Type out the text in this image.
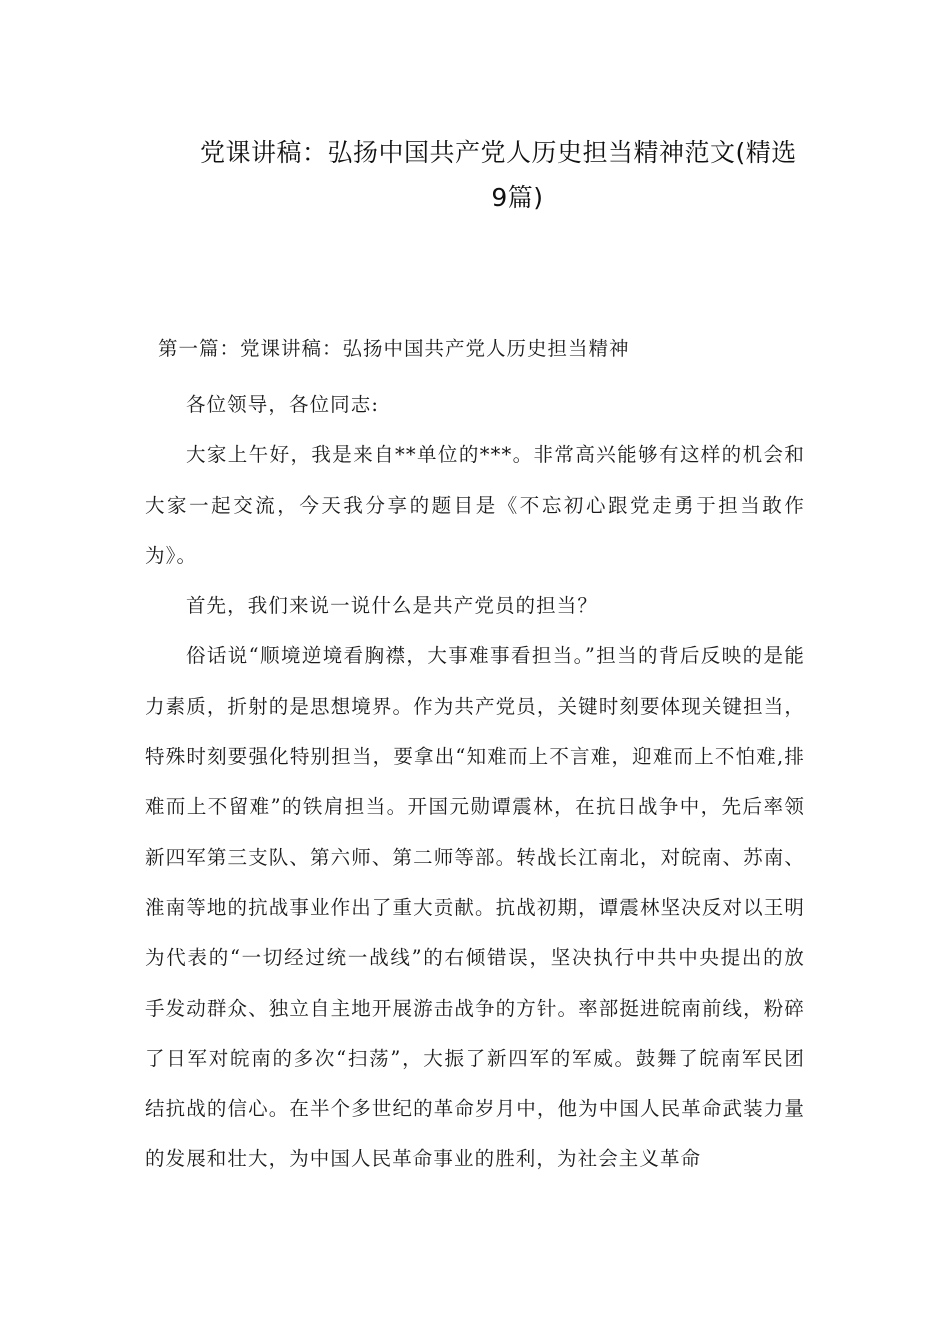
党课讲稿：弘扬中国共产党人历史担当精神范文(精选
9篇)
第一篇：党课讲稿：弘扬中国共产党人历史担当精神

各位领导，各位同志:

大家上午好，我是来自**单位的***。非常高兴能够有这样的机会和大家一起交流，今天我分享的题目是《不忘初心跟党走勇于担当敢作为》。

首先，我们来说一说什么是共产党员的担当？

俗话说“顺境逆境看胸襟，大事难事看担当。”担当的背后反映的是能力素质，折射的是思想境界。作为共产党员，关键时刻要体现关键担当，特殊时刻要强化特别担当，要拿出“知难而上不言难，迎难而上不怕难,排难而上不留难”的铁肩担当。开国元勋谭震林，在抗日战争中，先后率领新四军第三支队、第六师、第二师等部。转战长江南北，对皖南、苏南、淮南等地的抗战事业作出了重大贡献。抗战初期，谭震林坚决反对以王明为代表的“一切经过统一战线”的右倾错误，坚决执行中共中央提出的放手发动群众、独立自主地开展游击战争的方针。率部挺进皖南前线，粉碎了日军对皖南的多次“扫荡”，大振了新四军的军威。鼓舞了皖南军民团结抗战的信心。在半个多世纪的革命岁月中，他为中国人民革命武装力量的发展和壮大，为中国人民革命事业的胜利，为社会主义革命
